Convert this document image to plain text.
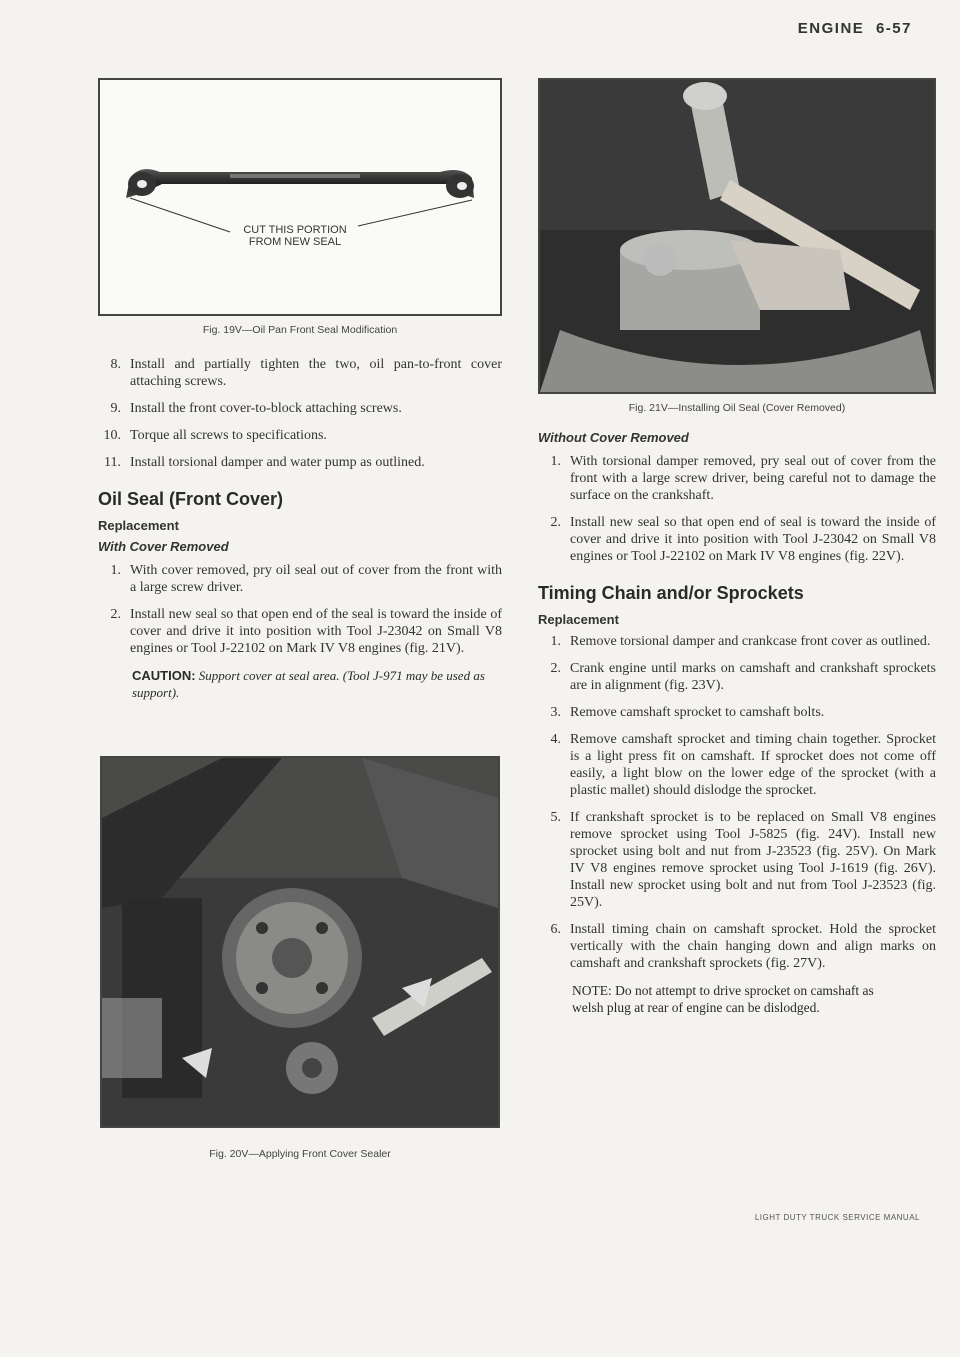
ENGINE 6-57
CUT THIS PORTION
FROM NEW SEAL
Fig. 19V—Oil Pan Front Seal Modification
8. Install and partially tighten the two, oil pan-to-front cover attaching screws.
9. Install the front cover-to-block attaching screws.
10. Torque all screws to specifications.
11. Install torsional damper and water pump as outlined.
Oil Seal (Front Cover)
Replacement
With Cover Removed
1. With cover removed, pry oil seal out of cover from the front with a large screw driver.
2. Install new seal so that open end of the seal is toward the inside of cover and drive it into position with Tool J-23042 on Small V8 engines or Tool J-22102 on Mark IV V8 engines (fig. 21V).
CAUTION: Support cover at seal area. (Tool J-971 may be used as support).
Fig. 20V—Applying Front Cover Sealer
Fig. 21V—Installing Oil Seal (Cover Removed)
Without Cover Removed
1. With torsional damper removed, pry seal out of cover from the front with a large screw driver, being careful not to damage the surface on the crankshaft.
2. Install new seal so that open end of seal is toward the inside of cover and drive it into position with Tool J-23042 on Small V8 engines or Tool J-22102 on Mark IV V8 engines (fig. 22V).
Timing Chain and/or Sprockets
Replacement
1. Remove torsional damper and crankcase front cover as outlined.
2. Crank engine until marks on camshaft and crankshaft sprockets are in alignment (fig. 23V).
3. Remove camshaft sprocket to camshaft bolts.
4. Remove camshaft sprocket and timing chain together. Sprocket is a light press fit on camshaft. If sprocket does not come off easily, a light blow on the lower edge of the sprocket (with a plastic mallet) should dislodge the sprocket.
5. If crankshaft sprocket is to be replaced on Small V8 engines remove sprocket using Tool J-5825 (fig. 24V). Install new sprocket using bolt and nut from J-23523 (fig. 25V). On Mark IV V8 engines remove sprocket using Tool J-1619 (fig. 26V). Install new sprocket using bolt and nut from Tool J-23523 (fig. 25V).
6. Install timing chain on camshaft sprocket. Hold the sprocket vertically with the chain hanging down and align marks on camshaft and crankshaft sprockets (fig. 27V).
NOTE: Do not attempt to drive sprocket on camshaft as welsh plug at rear of engine can be dislodged.
LIGHT DUTY TRUCK SERVICE MANUAL
